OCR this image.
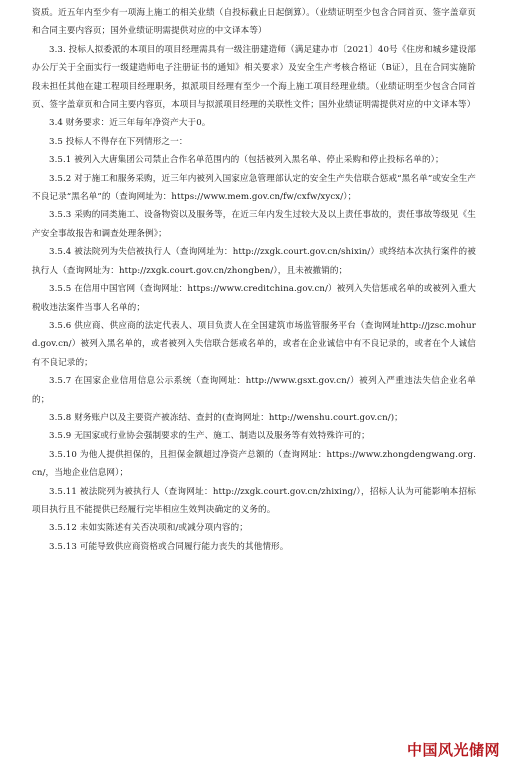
资质。近五年内至少有一项海上施工的相关业绩（自投标截止日起倒算）。（业绩证明至少包含合同首页、签字盖章页和合同主要内容页；国外业绩证明需提供对应的中文译本等）

3.3. 投标人拟委派的本项目的项目经理需具有一级注册建造师（满足建办市〔2021〕40号《住房和城乡建设部办公厅关于全面实行一级建造师电子注册证书的通知》相关要求）及安全生产考核合格证（B证），且在合同实施阶段未担任其他在建工程项目经理职务，拟派项目经理有至少一个海上施工项目经理业绩。（业绩证明至少包含合同首页、签字盖章页和合同主要内容页，本项目与拟派项目经理的关联性文件；国外业绩证明需提供对应的中文译本等）

3.4 财务要求：近三年每年净资产大于0。

3.5 投标人不得存在下列情形之一：

3.5.1 被列入大唐集团公司禁止合作名单范围内的（包括被列入黑名单、停止采购和停止投标名单的）；

3.5.2 对于施工和服务采购，近三年内被列入国家应急管理部认定的安全生产失信联合惩戒“黑名单”或安全生产不良记录“黑名单”的（查询网址为：https://www.mem.gov.cn/fw/cxfw/xycx/）；

3.5.3 采购的同类施工、设备物资以及服务等，在近三年内发生过较大及以上责任事故的，责任事故等级见《生产安全事故报告和调查处理条例》；

3.5.4 被法院列为失信被执行人（查询网址为：http://zxgk.court.gov.cn/shixin/）或终结本次执行案件的被执行人（查询网址为：http://zxgk.court.gov.cn/zhongben/），且未被撤销的；

3.5.5 在信用中国官网（查询网址：https://www.creditchina.gov.cn/）被列入失信惩戒名单的或被列入重大税收违法案件当事人名单的；

3.5.6 供应商、供应商的法定代表人、项目负责人在全国建筑市场监管服务平台（查询网址http://jzsc.mohurd.gov.cn/）被列入黑名单的，或者被列入失信联合惩戒名单的，或者在企业诚信中有不良记录的，或者在个人诚信有不良记录的；

3.5.7 在国家企业信用信息公示系统（查询网址：http://www.gsxt.gov.cn/）被列入严重违法失信企业名单的；

3.5.8 财务账户以及主要资产被冻结、查封的(查询网址：http://wenshu.court.gov.cn/)；

3.5.9 无国家或行业协会强制要求的生产、施工、制造以及服务等有效特殊许可的；

3.5.10 为他人提供担保的，且担保金额超过净资产总额的（查询网址：https://www.zhongdengwang.org.cn/，当地企业信息网）；

3.5.11 被法院列为被执行人（查询网址：http://zxgk.court.gov.cn/zhixing/），招标人认为可能影响本招标项目执行且不能提供已经履行完毕相应生效判决确定的义务的。

3.5.12 未如实陈述有关否决项和/或减分项内容的；

3.5.13 可能导致供应商资格或合同履行能力丧失的其他情形。

中国风光储网
